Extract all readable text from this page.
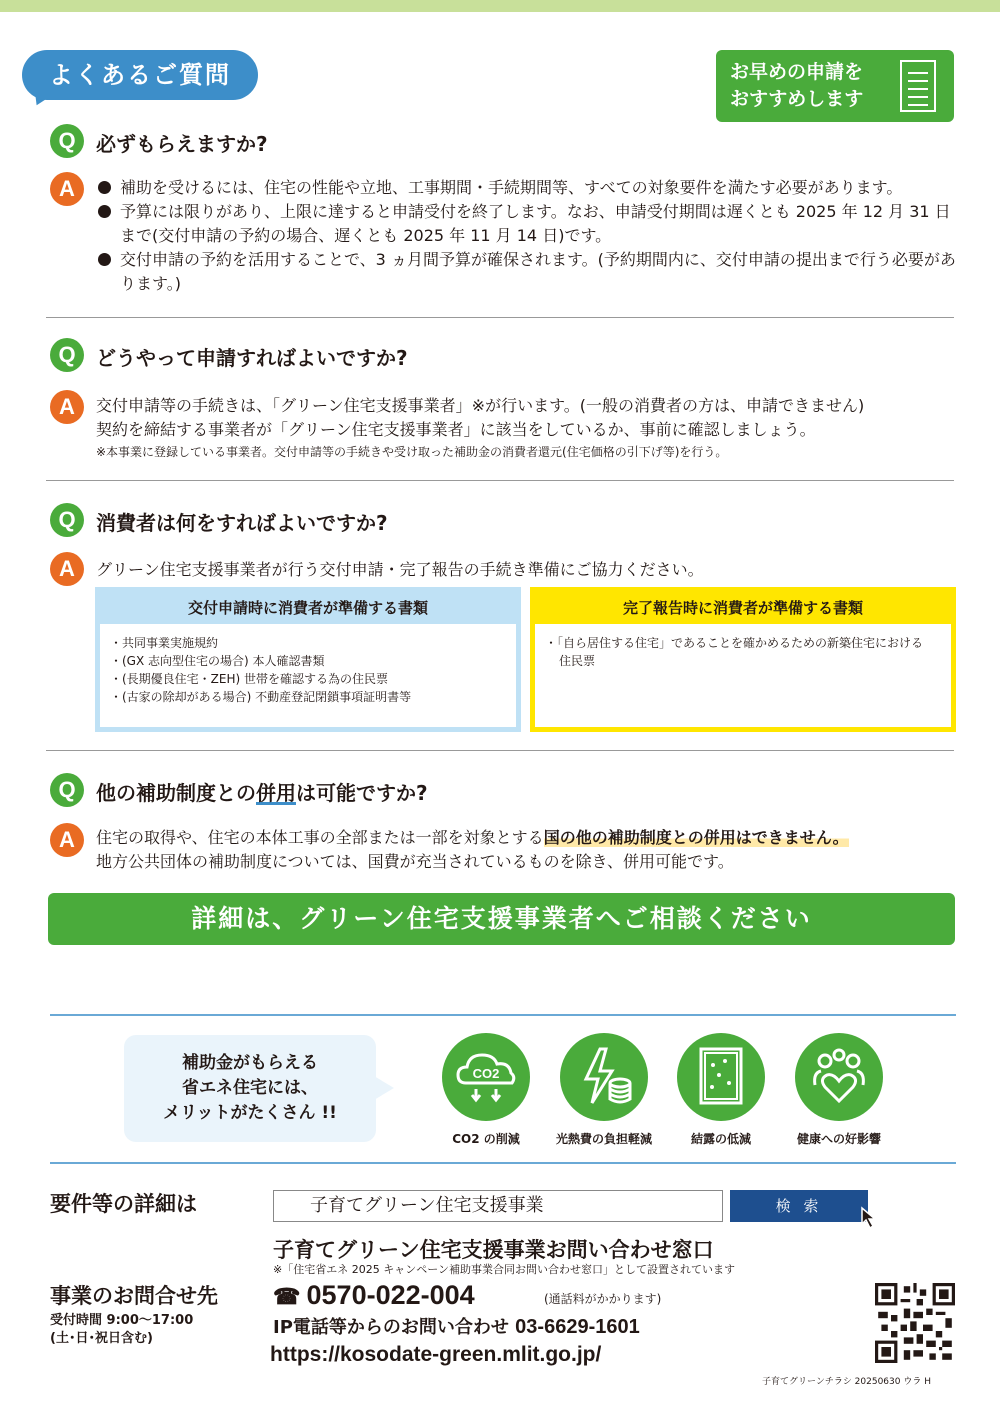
よくあるご質問	お早めの申請を
おすすめします
Q	必ずもらえますか?
A	補助を受けるには、住宅の性能や立地、工事期間・手続期間等、すべての対象要件を満たす必要があります。
予算には限りがあり、上限に達すると申請受付を終了します。なお、申請受付期間は遅くとも 2025 年 12 月 31 日まで(交付申請の予約の場合、遅くとも 2025 年 11 月 14 日)です。
交付申請の予約を活用することで、3 ヵ月間予算が確保されます。(予約期間内に、交付申請の提出まで行う必要があります。)
Q	どうやって申請すればよいですか?
A	交付申請等の手続きは、「グリーン住宅支援事業者」※が行います。(一般の消費者の方は、申請できません)
契約を締結する事業者が「グリーン住宅支援事業者」に該当をしているか、事前に確認しましょう。
※本事業に登録している事業者。交付申請等の手続きや受け取った補助金の消費者還元(住宅価格の引下げ等)を行う。
Q	消費者は何をすればよいですか?
A	グリーン住宅支援事業者が行う交付申請・完了報告の手続き準備にご協力ください。
交付申請時に消費者が準備する書類
・共同事業実施規約
・(GX 志向型住宅の場合) 本人確認書類
・(長期優良住宅・ZEH) 世帯を確認する為の住民票
・(古家の除却がある場合) 不動産登記閉鎖事項証明書等
完了報告時に消費者が準備する書類
・「自ら居住する住宅」であることを確かめるための新築住宅における
住民票
Q	他の補助制度との併用は可能ですか?
A	住宅の取得や、住宅の本体工事の全部または一部を対象とする国の他の補助制度との併用はできません。
地方公共団体の補助制度については、国費が充当されているものを除き、併用可能です。
詳細は、グリーン住宅支援事業者へご相談ください
補助金がもらえる
省エネ住宅には、
メリットがたくさん !!
CO2
CO2 の削減	光熱費の負担軽減	結露の低減	健康への好影響
要件等の詳細は	子育てグリーン住宅支援事業	検 索
子育てグリーン住宅支援事業お問い合わせ窓口
※「住宅省エネ 2025 キャンペーン補助事業合同お問い合わせ窓口」として設置されています
事業のお問合せ先
受付時間 9:00〜17:00
(土･日･祝日含む)
☎ 0570-022-004	(通話料がかかります)
IP電話等からのお問い合わせ 03-6629-1601
https://kosodate-green.mlit.go.jp/
子育てグリーンチラシ 20250630 ウラ H
